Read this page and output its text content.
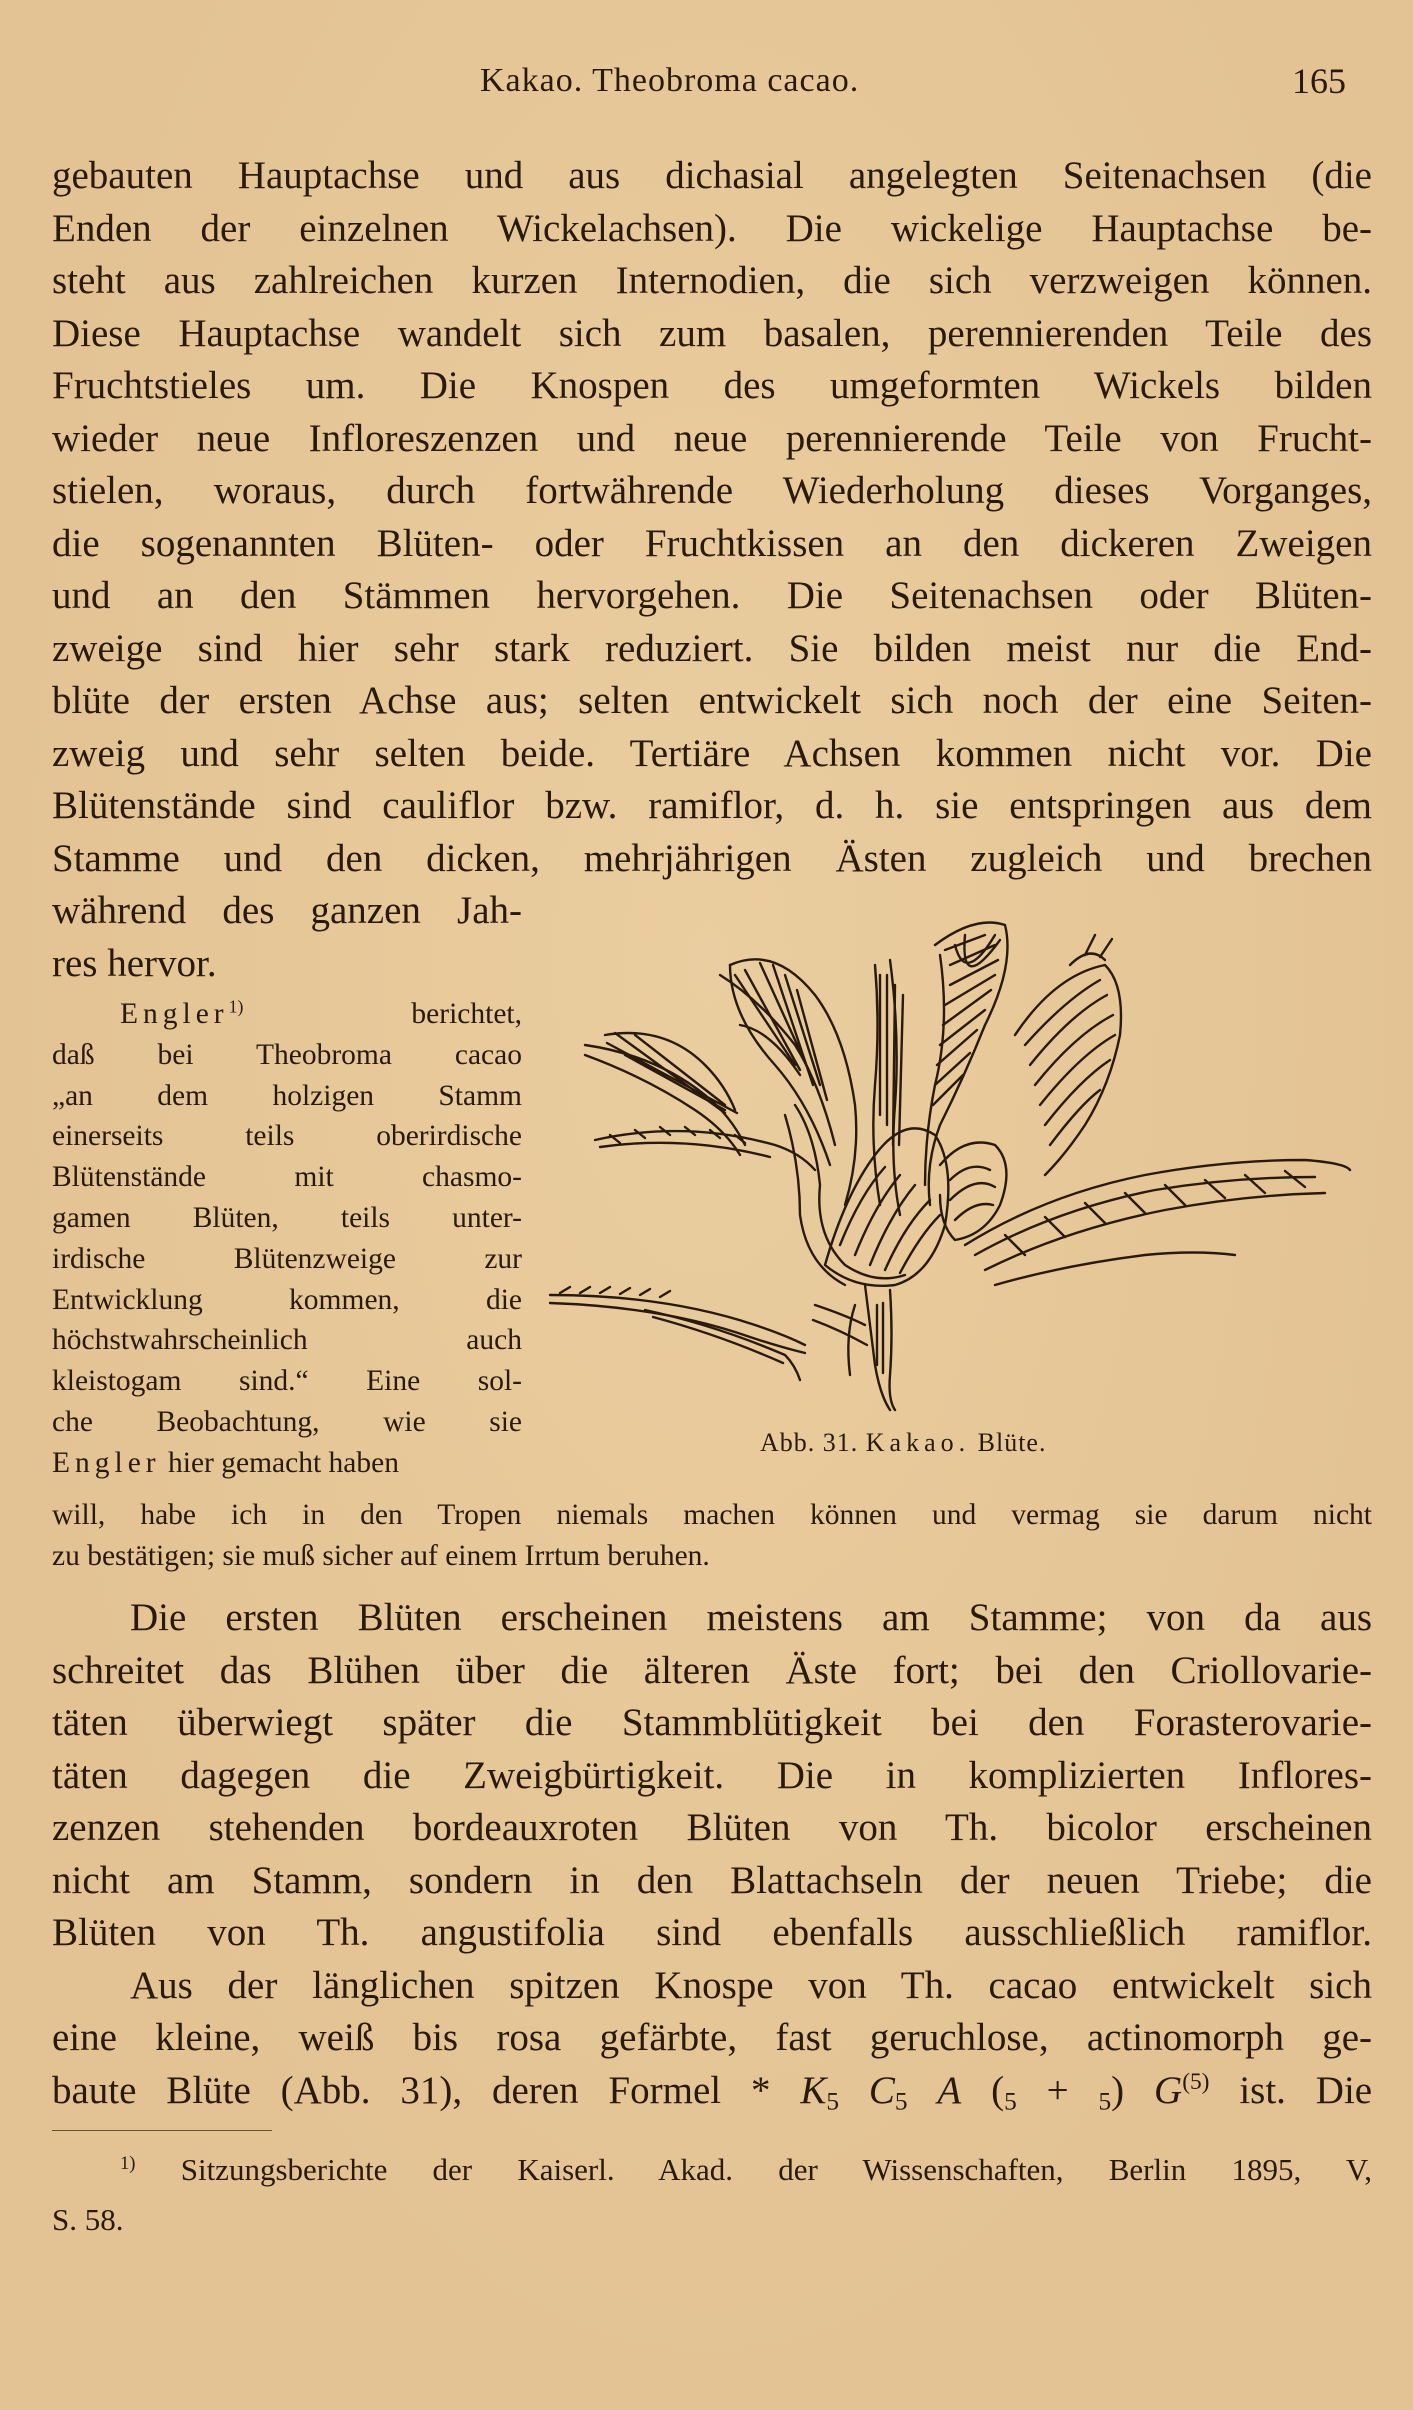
Kakao. Theobroma cacao.	165
gebauten Hauptachse und aus dichasial angelegten Seitenachsen (die
Enden der einzelnen Wickelachsen). Die wickelige Hauptachse be-
steht aus zahlreichen kurzen Internodien, die sich verzweigen können.
Diese Hauptachse wandelt sich zum basalen, perennierenden Teile des
Fruchtstieles um. Die Knospen des umgeformten Wickels bilden
wieder neue Infloreszenzen und neue perennierende Teile von Frucht-
stielen, woraus, durch fortwährende Wiederholung dieses Vorganges,
die sogenannten Blüten- oder Fruchtkissen an den dickeren Zweigen
und an den Stämmen hervorgehen. Die Seitenachsen oder Blüten-
zweige sind hier sehr stark reduziert. Sie bilden meist nur die End-
blüte der ersten Achse aus; selten entwickelt sich noch der eine Seiten-
zweig und sehr selten beide. Tertiäre Achsen kommen nicht vor. Die
Blütenstände sind cauliflor bzw. ramiflor, d. h. sie entspringen aus dem
Stamme und den dicken, mehrjährigen Ästen zugleich und brechen
während des ganzen Jah-
res hervor.
Engler$^{1)}$	berichtet,
daß bei Theobroma cacao
„an dem holzigen Stamm
einerseits teils oberirdische
Blütenstände mit chasmo-
gamen Blüten, teils unter-
irdische Blütenzweige zur
Entwicklung kommen, die
höchstwahrscheinlich auch
kleistogam sind.“ Eine sol-
che Beobachtung, wie sie
Engler hier gemacht haben
will, habe ich in den Tropen niemals machen können und vermag sie darum nicht
zu bestätigen; sie muß sicher auf einem Irrtum beruhen.
Abb. 31. Kakao. Blüte.
Die ersten Blüten erscheinen meistens am Stamme; von da aus
schreitet das Blühen über die älteren Äste fort; bei den Criollovarie-
täten überwiegt später die Stammblütigkeit bei den Forasterovarie-
täten dagegen die Zweigbürtigkeit. Die in komplizierten Inflores-
zenzen stehenden bordeauxroten Blüten von Th. bicolor erscheinen
nicht am Stamm, sondern in den Blattachseln der neuen Triebe; die
Blüten von Th. angustifolia sind ebenfalls ausschließlich ramiflor.
Aus der länglichen spitzen Knospe von Th. cacao entwickelt sich
eine kleine, weiß bis rosa gefärbte, fast geruchlose, actinomorph ge-
baute Blüte (Abb. 31), deren Formel * $K_5$ $C_5$ A $(_5 + _5)$ $G^{(5)}$ ist. Die
$^{1)}$ Sitzungsberichte der Kaiserl. Akad. der Wissenschaften, Berlin 1895, V,
S. 58.
